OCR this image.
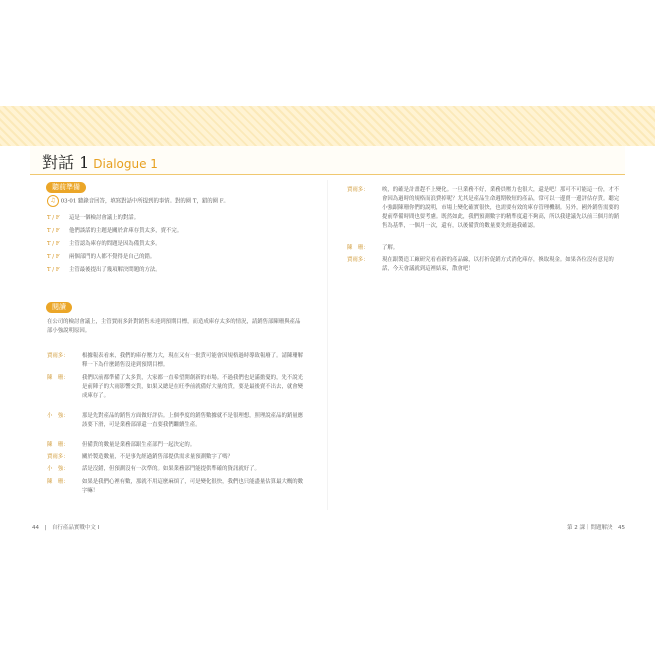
對話 1 Dialogue 1
聽前準備
♫ 03-01 聽錄音回答，填寫對話中所提到的事情。對的圈 T，錯的圈 F。
T / F 這是一個檢討會議上的對話。
T / F 他們談話的主題是關於倉庫存貨太多，賣不完。
T / F 主管認為庫存的問題是因為備貨太多。
T / F 兩個部門的人都不覺得是自己的錯。
T / F 主管最後提出了幾項解決問題的方法。
閱讀
在公司的檢討會議上，主管賈雨多針對銷售未達到預期目標，而造成庫存太多的情況，請銷售部陳珊與產品部小強說明原因。
賈雨多：	根據報表看來，我們的庫存壓力大，現在又有一批貨可能會因規格過時導致報廢了。請陳珊解釋一下為什麼銷售沒達到預期目標。
陳　珊：	我們以前都準備了太多貨，大家都一直希望開創新的市場。不過我們也是滿擔憂的，先不說光是前陣子的大雨影響交貨，如果又總是在旺季前就備好大量的貨，要是最後賣不出去，就會變成庫存了。
小　強：	那是先對產品的銷售方面做好評估。上個季度的銷售數據就不是很理想，照理說產品的銷量應該要下滑，可是業務部卻還一直要我們繼續生產。
陳　珊：	但備貨的數量是業務部跟生產部門一起決定的。
賈雨多：	關於製造數量，不是事先經過銷售部提供需求量預測數字了嗎？
小　強：	話是沒錯，但預測沒有一次準的。如果業務部門能提供準確的資訊就好了。
陳　珊：	如果是我們心裡有數，那就不用這麼麻煩了，可是變化很快，我們也只能盡量估算最大概的數字嘛！
賈雨多：	唉，的確是計畫趕不上變化。一旦業務不好，業務員壓力也很大，還是吧！那可不可能這一份，才不會因為過時的規格而浪費掉呢？尤其是產品生命週期較短的產品，常可以一邊賣一邊評估存貨。聽完小強跟陳珊你們的說明，市場上變化確實很快，也需要有效的庫存管理機制。另外，國外銷售需要的提前準備時間也要考慮。既然如此，我們預測數字的精準度還不夠高，所以我建議先以前三個月的銷售為基準，一個月一次，還有，以後備貨的數量要先經過我確認。
陳　珊：	了解。
賈雨多：	現在跟製造工廠研究看看新的產品線，以打折促銷方式消化庫存，換取現金。如果各位沒有意見的話，今天會議就到這裡結束，散會吧！
44　|　自行產品實戰中文 I	第 2 課｜問題解決　45
